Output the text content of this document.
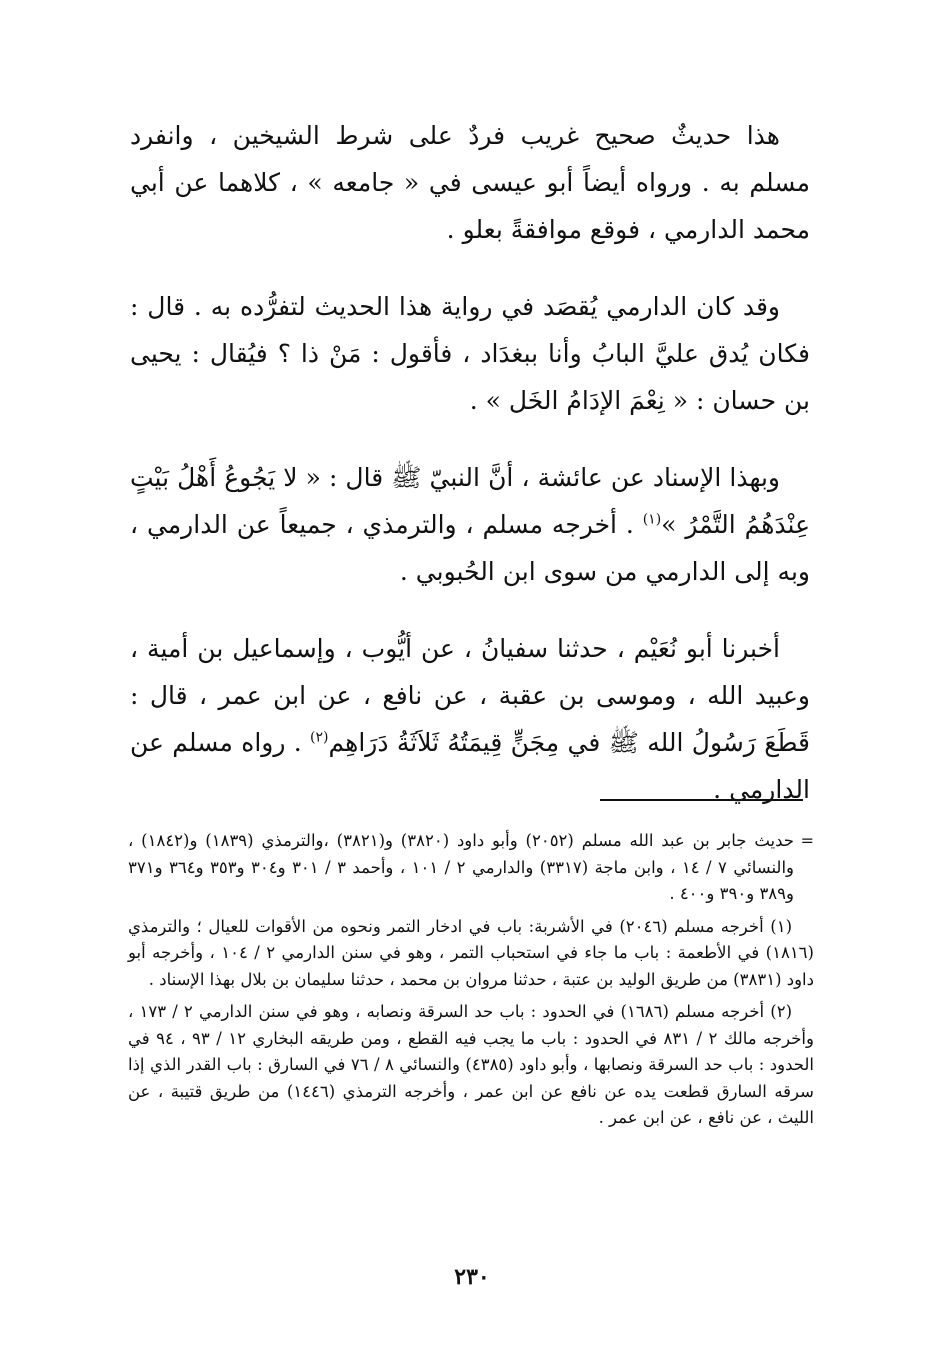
هذا حديثٌ صحيح غريب فردٌ على شرط الشيخين ، وانفرد مسلم به . ورواه أيضاً أبو عيسى في « جامعه » ، كلاهما عن أبي محمد الدارمي ، فوقع موافقةً بعلو .

وقد كان الدارمي يُقصَد في رواية هذا الحديث لتفرُّده به . قال : فكان يُدق عليَّ البابُ وأنا ببغدَاد ، فأقول : مَنْ ذا ؟ فيُقال : يحيى بن حسان : « نِعْمَ الإدَامُ الخَل » .

وبهذا الإسناد عن عائشة ، أنَّ النبيّ ﷺ قال : « لا يَجُوعُ أَهْلُ بَيْتٍ عِنْدَهُمُ التَّمْرُ »$^{(١)}$ . أخرجه مسلم ، والترمذي ، جميعاً عن الدارمي ، وبه إلى الدارمي من سوى ابن الحُبوبي .

أخبرنا أبو نُعَيْم ، حدثنا سفيانُ ، عن أيُّوب ، وإسماعيل بن أمية ، وعبيد الله ، وموسى بن عقبة ، عن نافع ، عن ابن عمر ، قال : قَطَعَ رَسُولُ الله ﷺ في مِجَنٍّ قِيمَتُهُ ثَلاَثَةُ دَرَاهِم$^{(٢)}$ . رواه مسلم عن الدارمي .

=
حديث جابر بن عبد الله مسلم (٢٠٥٢) وأبو داود (٣٨٢٠) و(٣٨٢١) ،والترمذي (١٨٣٩) و(١٨٤٢) ، والنسائي ٧ / ١٤ ، وابن ماجة (٣٣١٧) والدارمي ٢ / ١٠١ ، وأحمد ٣ / ٣٠١ و٣٠٤ و٣٥٣ و٣٦٤ و٣٧١ و٣٨٩ و٣٩٠ و٤٠٠ .

(١) أخرجه مسلم (٢٠٤٦) في الأشربة: باب في ادخار التمر ونحوه من الأقوات للعيال ؛ والترمذي (١٨١٦) في الأطعمة : باب ما جاء في استحباب التمر ، وهو في سنن الدارمي ٢ / ١٠٤ ، وأخرجه أبو داود (٣٨٣١) من طريق الوليد بن عتبة ، حدثنا مروان بن محمد ، حدثنا سليمان بن بلال بهذا الإسناد .

(٢) أخرجه مسلم (١٦٨٦) في الحدود : باب حد السرقة ونصابه ، وهو في سنن الدارمي ٢ / ١٧٣ ، وأخرجه مالك ٢ / ٨٣١ في الحدود : باب ما يجب فيه القطع ، ومن طريقه البخاري ١٢ / ٩٣ ، ٩٤ في الحدود : باب حد السرقة ونصابها ، وأبو داود (٤٣٨٥) والنسائي ٨ / ٧٦ في السارق : باب القدر الذي إذا سرقه السارق قطعت يده عن نافع عن ابن عمر ، وأخرجه الترمذي (١٤٤٦) من طريق قتيبة ، عن الليث ، عن نافع ، عن ابن عمر .

٢٣٠
